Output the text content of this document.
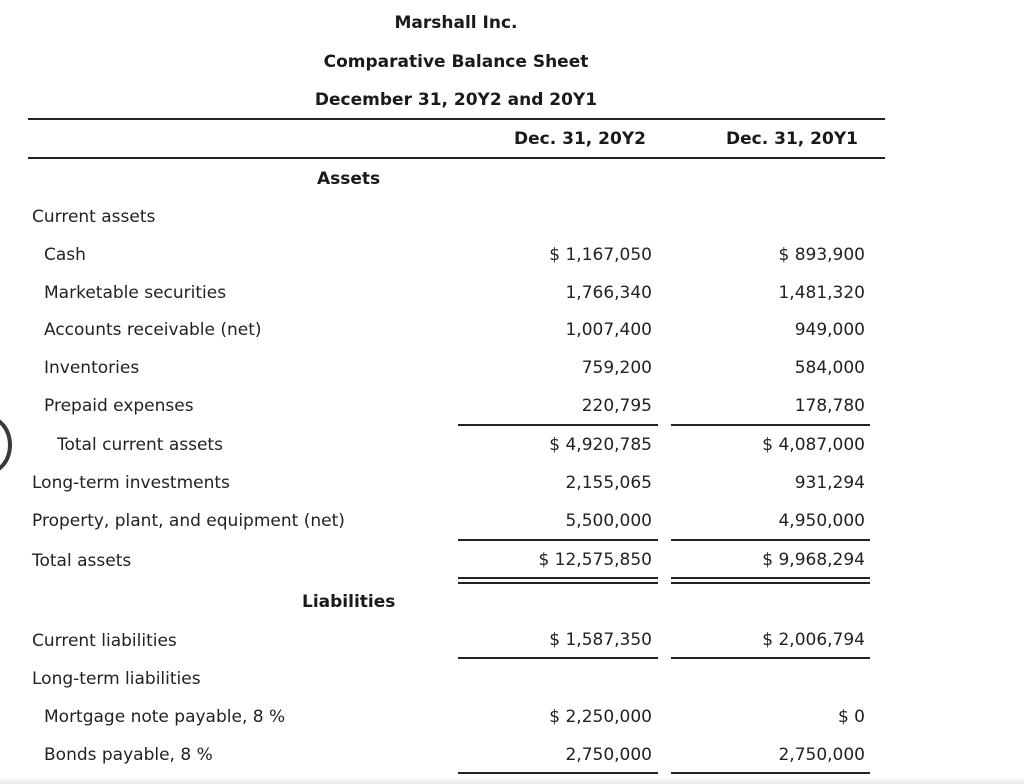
Marshall Inc.
Comparative Balance Sheet
December 31, 20Y2 and 20Y1
Dec. 31, 20Y2	Dec. 31, 20Y1
Assets
Current assets
Cash	$ 1,167,050	$ 893,900
Marketable securities	1,766,340	1,481,320
Accounts receivable (net)	1,007,400	949,000
Inventories	759,200	584,000
Prepaid expenses	220,795	178,780
Total current assets	$ 4,920,785	$ 4,087,000
Long-term investments	2,155,065	931,294
Property, plant, and equipment (net)	5,500,000	4,950,000
Total assets	$ 12,575,850	$ 9,968,294
Liabilities
Current liabilities	$ 1,587,350	$ 2,006,794
Long-term liabilities
Mortgage note payable, 8 %	$ 2,250,000	$ 0
Bonds payable, 8 %	2,750,000	2,750,000
